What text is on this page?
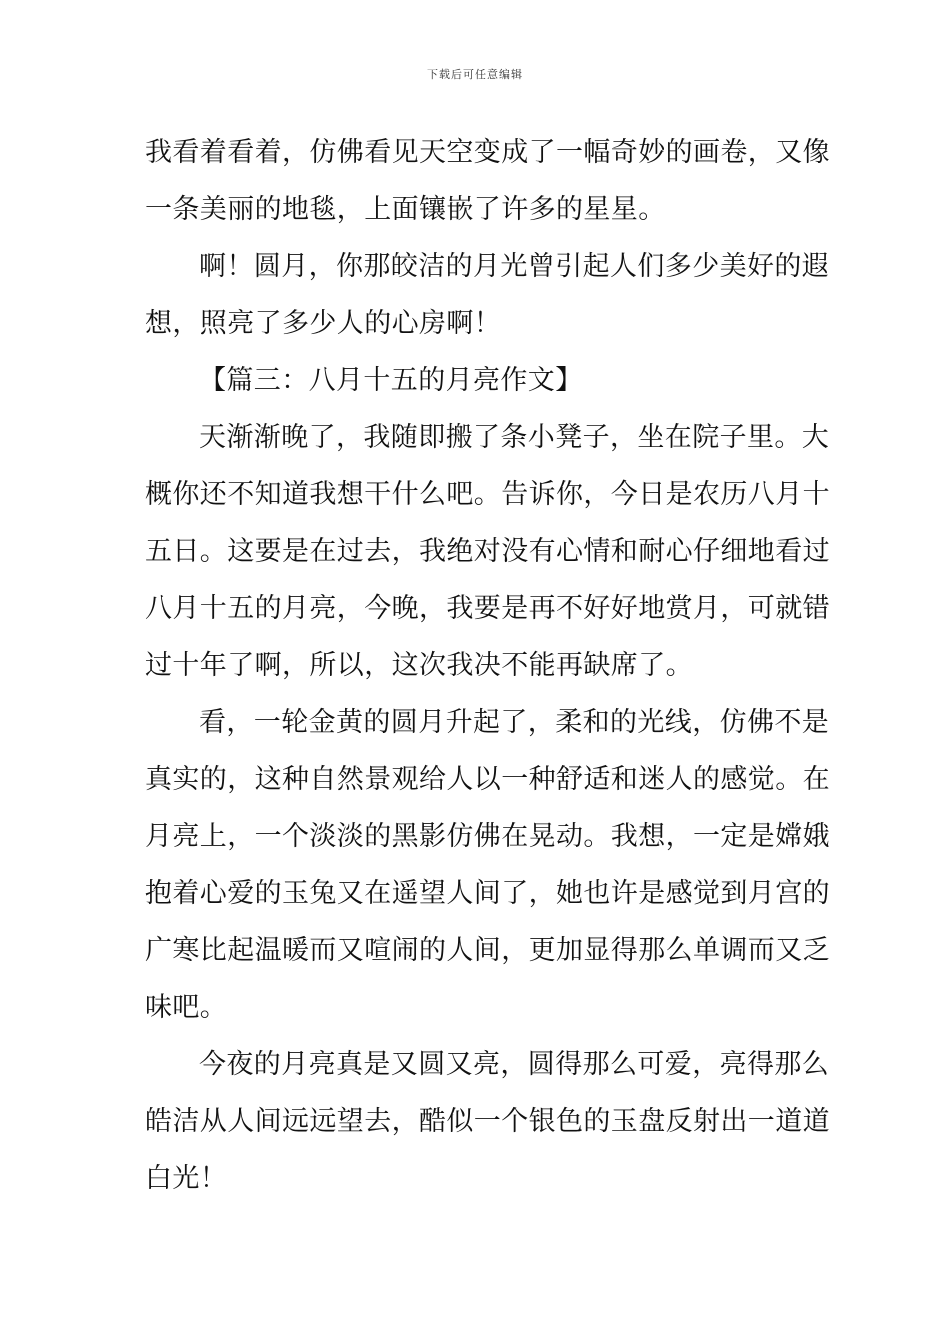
下载后可任意编辑
我看着看着，仿佛看见天空变成了一幅奇妙的画卷，又像
一条美丽的地毯，上面镶嵌了许多的星星。
啊！圆月，你那皎洁的月光曾引起人们多少美好的遐
想，照亮了多少人的心房啊！
【篇三：八月十五的月亮作文】
天渐渐晚了，我随即搬了条小凳子，坐在院子里。大
概你还不知道我想干什么吧。告诉你，今日是农历八月十
五日。这要是在过去，我绝对没有心情和耐心仔细地看过
八月十五的月亮，今晚，我要是再不好好地赏月，可就错
过十年了啊，所以，这次我决不能再缺席了。
看，一轮金黄的圆月升起了，柔和的光线，仿佛不是
真实的，这种自然景观给人以一种舒适和迷人的感觉。在
月亮上，一个淡淡的黑影仿佛在晃动。我想，一定是嫦娥
抱着心爱的玉兔又在遥望人间了，她也许是感觉到月宫的
广寒比起温暖而又喧闹的人间，更加显得那么单调而又乏
味吧。
今夜的月亮真是又圆又亮，圆得那么可爱，亮得那么
皓洁从人间远远望去，酷似一个银色的玉盘反射出一道道
白光！
